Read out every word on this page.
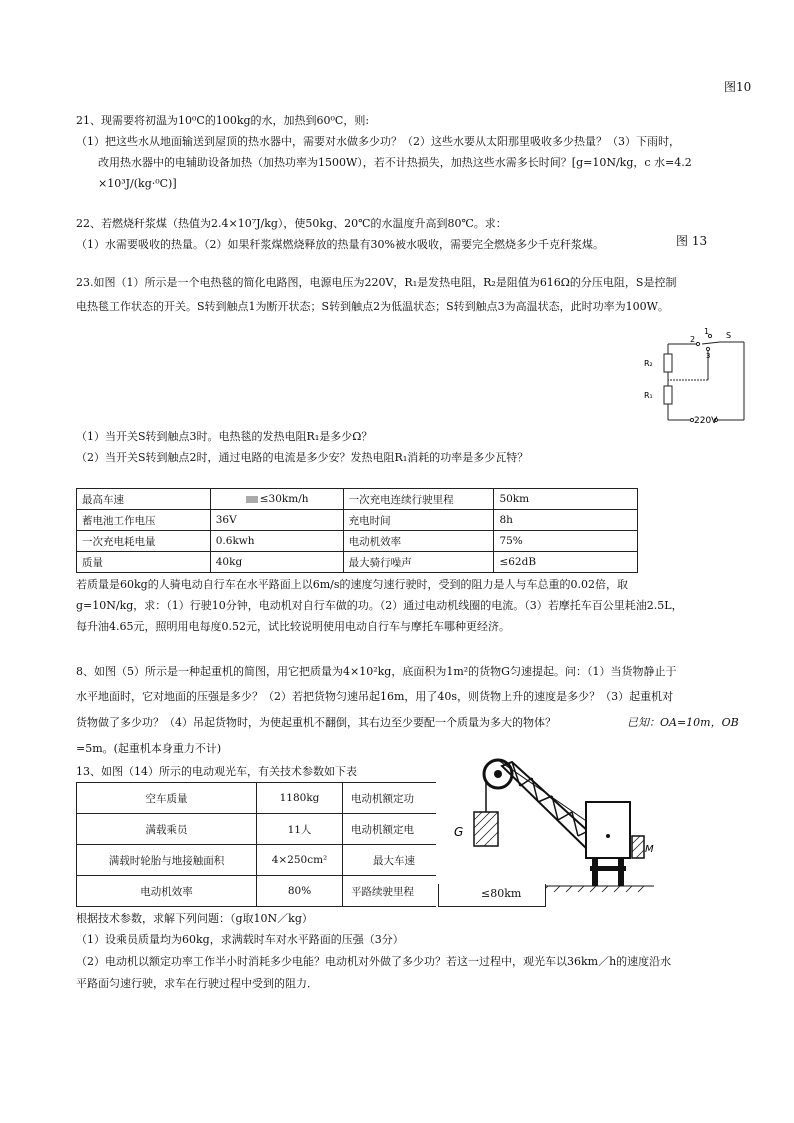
图10
21、现需要将初温为10⁰C的100kg的水，加热到60⁰C，则:
（1）把这些水从地面输送到屋顶的热水器中，需要对水做多少功？（2）这些水要从太阳那里吸收多少热量？（3）下雨时，
改用热水器中的电辅助设备加热（加热功率为1500W），若不计热损失，加热这些水需多长时间？[g=10N/kg，c 水=4.2
×10³J/(kg·⁰C)]
22、若燃烧秆浆煤（热值为2.4×10⁷J/kg），使50kg、20℃的水温度升高到80℃。求：
（1）水需要吸收的热量。（2）如果秆浆煤燃烧释放的热量有30%被水吸收，需要完全燃烧多少千克秆浆煤。	图 13
23.如图（1）所示是一个电热毯的简化电路图，电源电压为220V，R₁是发热电阻，R₂是阻值为616Ω的分压电阻，S是控制
电热毯工作状态的开关。S转到触点1为断开状态；S转到触点2为低温状态；S转到触点3为高温状态，此时功率为100W。
1
2
3
S
R₂
R₁
220V
（1）当开关S转到触点3时。电热毯的发热电阻R₁是多少Ω？
（2）当开关S转到触点2时，通过电路的电流是多少安？发热电阻R₁消耗的功率是多少瓦特？
最高车速	≤30km/h	一次充电连续行驶里程	50km
蓄电池工作电压	36V	充电时间	8h
一次充电耗电量	0.6kwh	电动机效率	75%
质量	40kg	最大骑行噪声	≤62dB
若质量是60kg的人骑电动自行车在水平路面上以6m/s的速度匀速行驶时，受到的阻力是人与车总重的0.02倍，取
g=10N/kg，求：（1）行驶10分钟，电动机对自行车做的功。（2）通过电动机线圈的电流。（3）若摩托车百公里耗油2.5L，
每升油4.65元，照明用电每度0.52元，试比较说明使用电动自行车与摩托车哪种更经济。
8、如图（5）所示是一种起重机的简图，用它把质量为4×10²kg，底面积为1m²的货物G匀速提起。问：（1）当货物静止于
水平地面时，它对地面的压强是多少？（2）若把货物匀速吊起16m，用了40s，则货物上升的速度是多少？（3）起重机对
货物做了多少功？（4）吊起货物时，为使起重机不翻倒，其右边至少要配一个质量为多大的物体？	已知：OA=10m，OB
=5m。(起重机本身重力不计)
13、如图（14）所示的电动观光车，有关技术参数如下表
G
M
空车质量	1180kg	电动机额定功
满载乘员	11人	电动机额定电
满载时轮胎与地接触面积	4×250cm²	最大车速
电动机效率	80%	平路续驶里程	≤80km
根据技术参数，求解下列问题：（g取10N／kg）
（1）设乘员质量均为60kg，求满载时车对水平路面的压强（3分）
（2）电动机以额定功率工作半小时消耗多少电能？电动机对外做了多少功？若这一过程中，观光车以36km／h的速度沿水
平路面匀速行驶，求车在行驶过程中受到的阻力．
